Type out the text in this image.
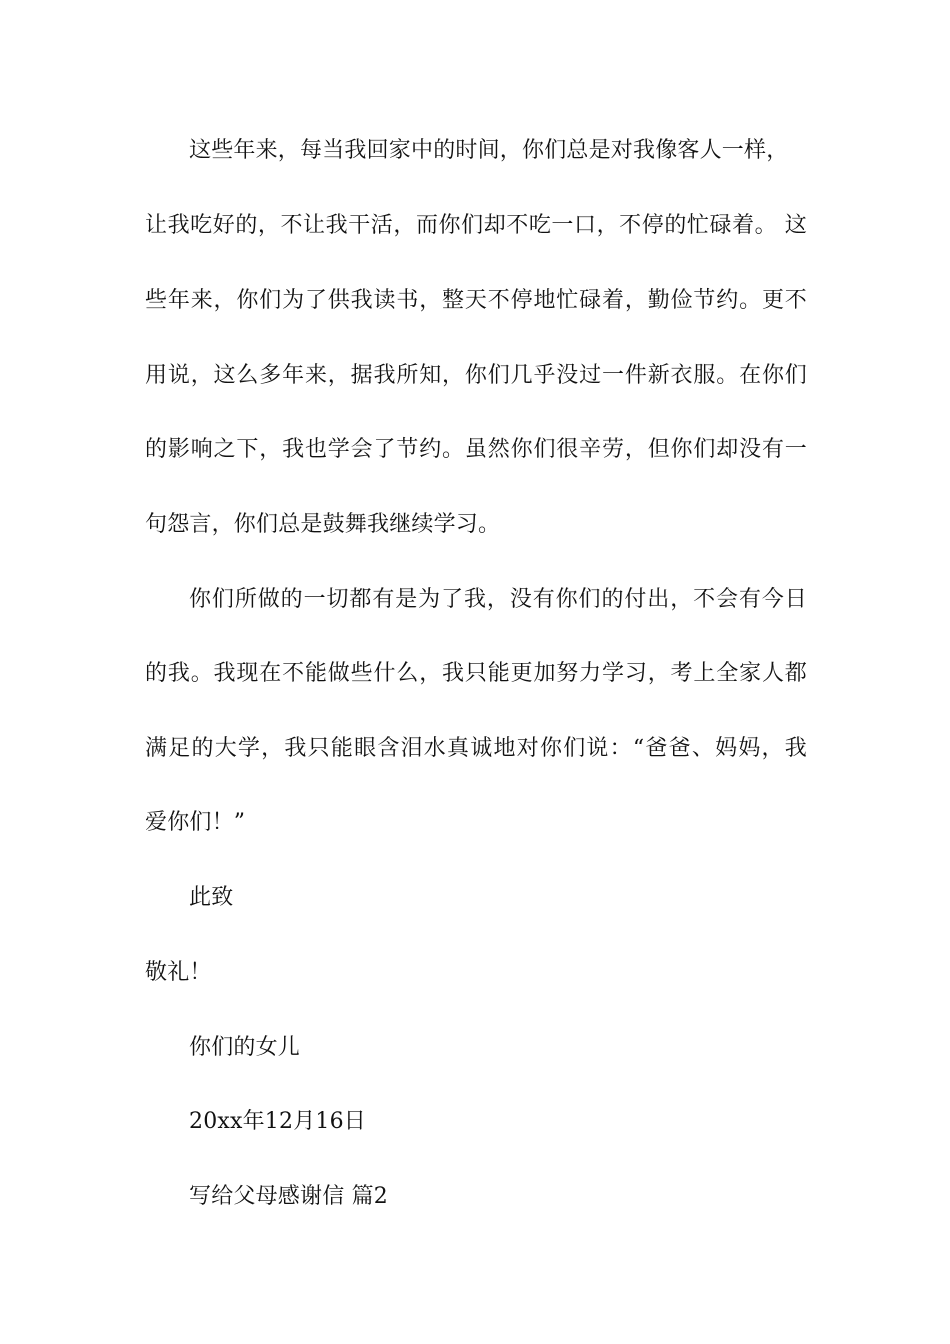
这些年来，每当我回家中的时间，你们总是对我像客人一样，
让我吃好的，不让我干活，而你们却不吃一口，不停的忙碌着。 这
些年来，你们为了供我读书，整天不停地忙碌着，勤俭节约。更不
用说，这么多年来，据我所知，你们几乎没过一件新衣服。在你们
的影响之下，我也学会了节约。虽然你们很辛劳，但你们却没有一
句怨言，你们总是鼓舞我继续学习。
你们所做的一切都有是为了我，没有你们的付出，不会有今日
的我。我现在不能做些什么，我只能更加努力学习，考上全家人都
满足的大学，我只能眼含泪水真诚地对你们说：“爸爸、妈妈，我
爱你们！”
此致
敬礼！
你们的女儿
20xx年12月16日
写给父母感谢信 篇2
